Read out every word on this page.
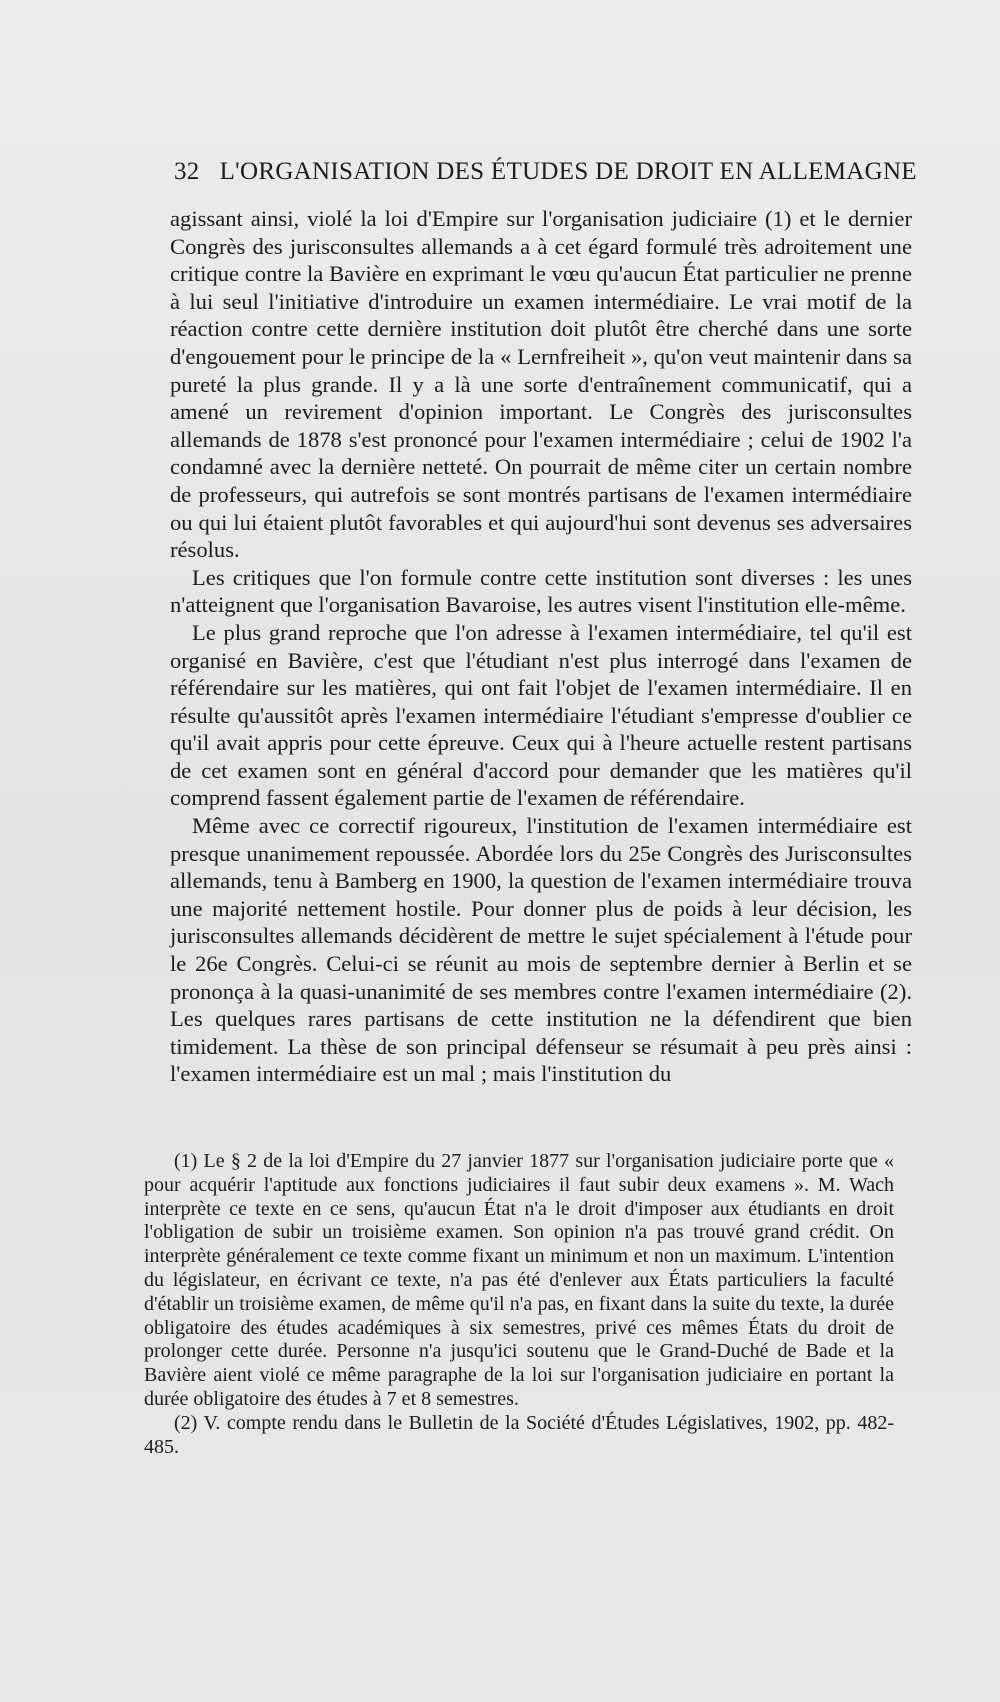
32 L'ORGANISATION DES ÉTUDES DE DROIT EN ALLEMAGNE

agissant ainsi, violé la loi d'Empire sur l'organisation judiciaire (1) et le dernier Congrès des jurisconsultes allemands a à cet égard formulé très adroitement une critique contre la Bavière en exprimant le vœu qu'aucun État particulier ne prenne à lui seul l'initiative d'introduire un examen intermédiaire. Le vrai motif de la réaction contre cette dernière institution doit plutôt être cherché dans une sorte d'engouement pour le principe de la « Lernfreiheit », qu'on veut maintenir dans sa pureté la plus grande. Il y a là une sorte d'entraînement communicatif, qui a amené un revirement d'opinion important. Le Congrès des jurisconsultes allemands de 1878 s'est prononcé pour l'examen intermédiaire ; celui de 1902 l'a condamné avec la dernière netteté. On pourrait de même citer un certain nombre de professeurs, qui autrefois se sont montrés partisans de l'examen intermédiaire ou qui lui étaient plutôt favorables et qui aujourd'hui sont devenus ses adversaires résolus.

Les critiques que l'on formule contre cette institution sont diverses : les unes n'atteignent que l'organisation Bavaroise, les autres visent l'institution elle-même.

Le plus grand reproche que l'on adresse à l'examen intermédiaire, tel qu'il est organisé en Bavière, c'est que l'étudiant n'est plus interrogé dans l'examen de référendaire sur les matières, qui ont fait l'objet de l'examen intermédiaire. Il en résulte qu'aussitôt après l'examen intermédiaire l'étudiant s'empresse d'oublier ce qu'il avait appris pour cette épreuve. Ceux qui à l'heure actuelle restent partisans de cet examen sont en général d'accord pour demander que les matières qu'il comprend fassent également partie de l'examen de référendaire.

Même avec ce correctif rigoureux, l'institution de l'examen intermédiaire est presque unanimement repoussée. Abordée lors du 25e Congrès des Jurisconsultes allemands, tenu à Bamberg en 1900, la question de l'examen intermédiaire trouva une majorité nettement hostile. Pour donner plus de poids à leur décision, les jurisconsultes allemands décidèrent de mettre le sujet spécialement à l'étude pour le 26e Congrès. Celui-ci se réunit au mois de septembre dernier à Berlin et se prononça à la quasi-unanimité de ses membres contre l'examen intermédiaire (2). Les quelques rares partisans de cette institution ne la défendirent que bien timidement. La thèse de son principal défenseur se résumait à peu près ainsi : l'examen intermédiaire est un mal ; mais l'institution du

(1) Le § 2 de la loi d'Empire du 27 janvier 1877 sur l'organisation judiciaire porte que « pour acquérir l'aptitude aux fonctions judiciaires il faut subir deux examens ». M. Wach interprète ce texte en ce sens, qu'aucun État n'a le droit d'imposer aux étudiants en droit l'obligation de subir un troisième examen. Son opinion n'a pas trouvé grand crédit. On interprète généralement ce texte comme fixant un minimum et non un maximum. L'intention du législateur, en écrivant ce texte, n'a pas été d'enlever aux États particuliers la faculté d'établir un troisième examen, de même qu'il n'a pas, en fixant dans la suite du texte, la durée obligatoire des études académiques à six semestres, privé ces mêmes États du droit de prolonger cette durée. Personne n'a jusqu'ici soutenu que le Grand-Duché de Bade et la Bavière aient violé ce même paragraphe de la loi sur l'organisation judiciaire en portant la durée obligatoire des études à 7 et 8 semestres.

(2) V. compte rendu dans le Bulletin de la Société d'Études Législatives, 1902, pp. 482-485.
